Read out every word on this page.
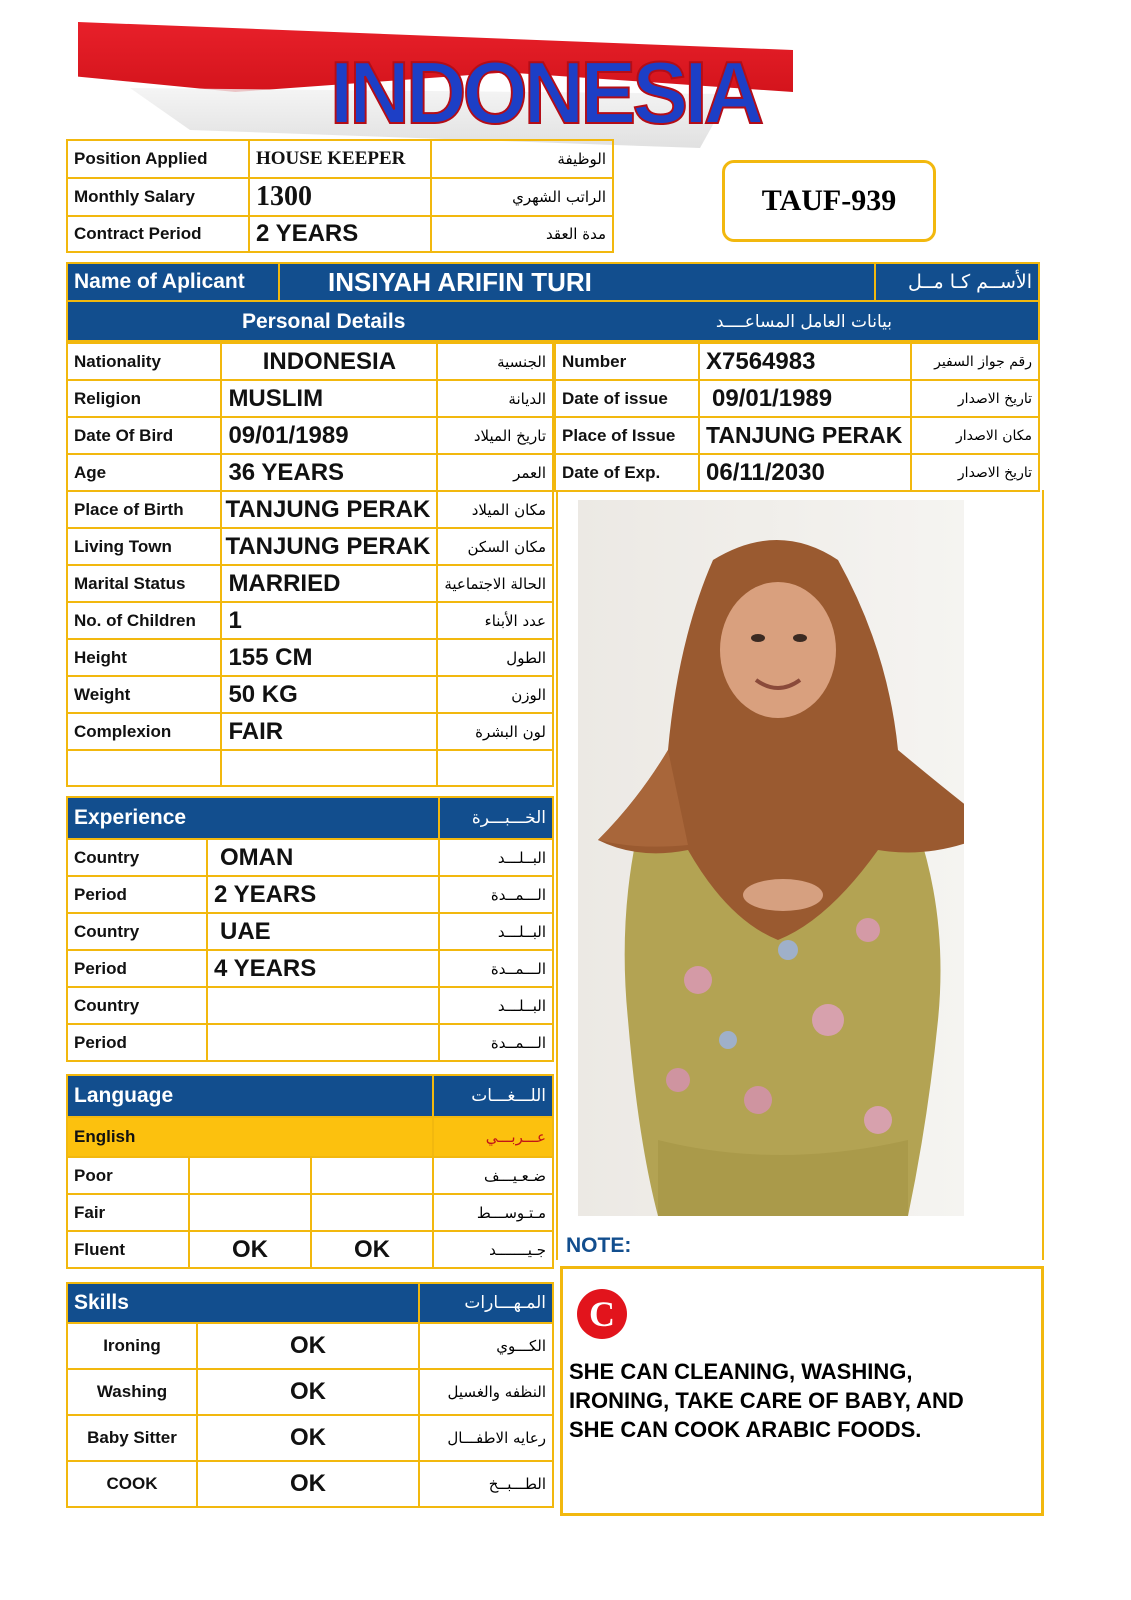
INDONESIA
Position Applied	HOUSE KEEPER	الوظيفة
Monthly Salary	1300	الراتب الشهري
Contract Period	2 YEARS	مدة العقد
TAUF-939
Name of Aplicant	INSIYAH ARIFIN TURI	الأســم كـا مــل
Personal Details	بيانات العامل المساعــــد
Nationality	INDONESIA	الجنسية
Religion	MUSLIM	الديانة
Date Of Bird	09/01/1989	تاريخ الميلاد
Age	36 YEARS	العمر
Place of Birth	TANJUNG PERAK	مكان الميلاد
Living Town	TANJUNG PERAK	مكان السكن
Marital Status	MARRIED	الحالة الاجتماعية
No. of Children	1	عدد الأبناء
Height	155 CM	الطول
Weight	50 KG	الوزن
Complexion	FAIR	لون البشرة

Number	X7564983	رقم جواز السفير
Date of issue	09/01/1989	تاريخ الاصدار
Place of Issue	TANJUNG PERAK	مكان الاصدار
Date of Exp.	06/11/2030	تاريخ الاصدار
Experience		الخـــبـــرة
Country	OMAN	البــلـــد
Period	2 YEARS	الـــمــدة
Country	UAE	البــلـــد
Period	4 YEARS	الـــمــدة
Country		البــلـــد
Period		الـــمــدة
Language			اللـــغـــات
English			عـــربـــي
Poor			ضـعـيـــف
Fair			مـتـوســـط
Fluent	OK	OK	جـيـــــــد
Skills		المـهـــارات
Ironing	OK	الكـــوي
Washing	OK	النظفه والغسيل
Baby Sitter	OK	رعايه الاطفـــال
COOK	OK	الطـــبــخ
NOTE:
C
SHE CAN CLEANING, WASHING,
IRONING, TAKE CARE OF BABY, AND
SHE CAN COOK ARABIC FOODS.
